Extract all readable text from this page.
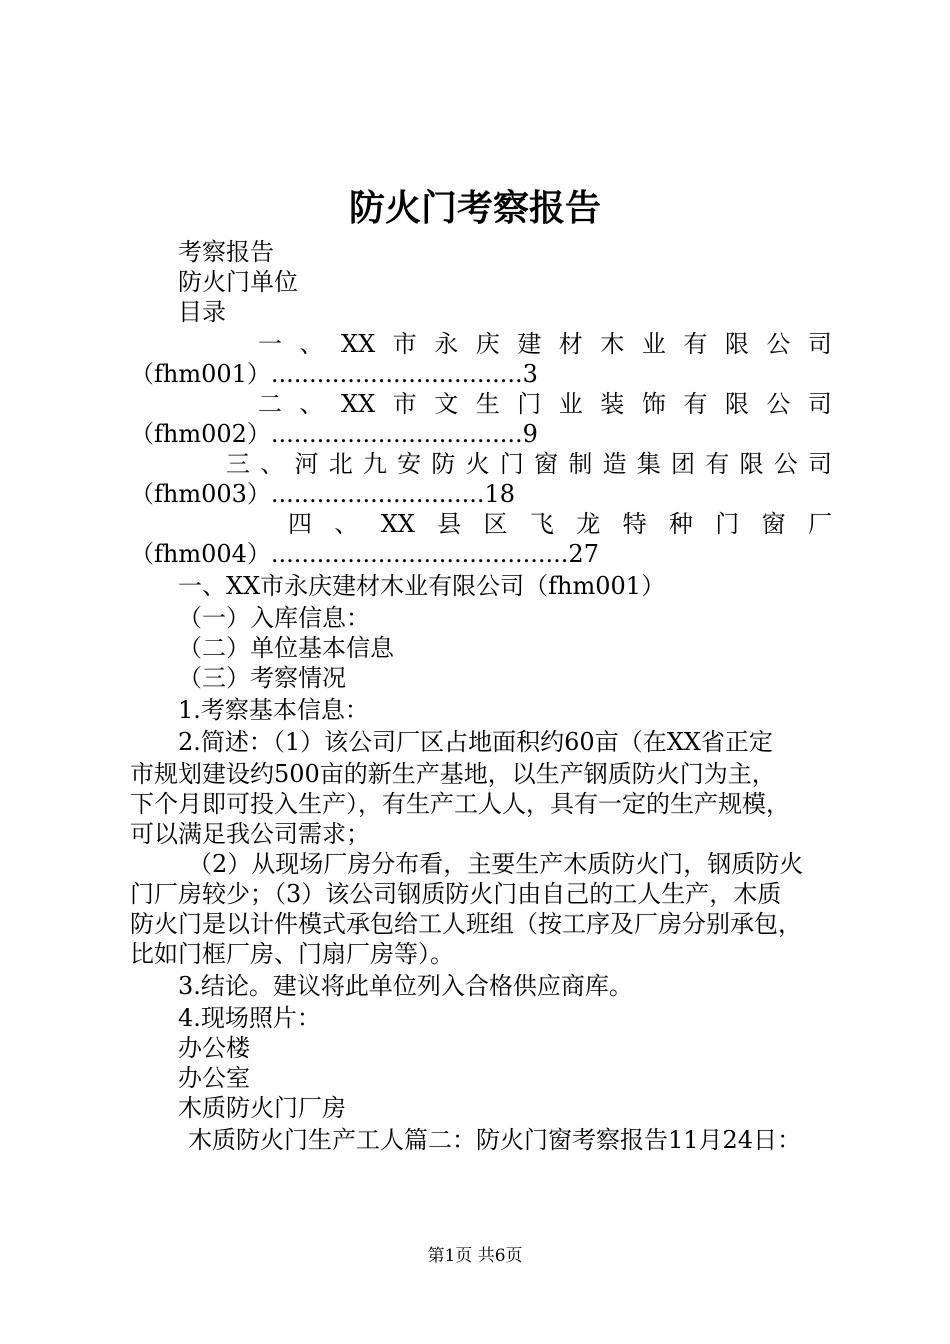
防火门考察报告
考察报告
防火门单位
目录
一 、 XX 市 永 庆 建 材 木 业 有 限 公 司
（fhm001）.................................3
二 、 XX 市 文 生 门 业 装 饰 有 限 公 司
（fhm002）.................................9
三 、 河 北 九 安 防 火 门 窗 制 造 集 团 有 限 公 司
（fhm003）............................18
四 、 XX 县 区 飞 龙 特 种 门 窗 厂
（fhm004）.......................................27
一、XX市永庆建材木业有限公司（fhm001）
（一）入库信息：
（二）单位基本信息
（三）考察情况
1.考察基本信息：
2.简述：（1）该公司厂区占地面积约60亩（在XX省正定
市规划建设约500亩的新生产基地，以生产钢质防火门为主，
下个月即可投入生产），有生产工人人，具有一定的生产规模，
可以满足我公司需求；
（2）从现场厂房分布看，主要生产木质防火门，钢质防火
门厂房较少；（3）该公司钢质防火门由自己的工人生产，木质
防火门是以计件模式承包给工人班组（按工序及厂房分别承包，
比如门框厂房、门扇厂房等）。
3.结论。建议将此单位列入合格供应商库。
4.现场照片：
办公楼
办公室
木质防火门厂房
木质防火门生产工人篇二：防火门窗考察报告11月24日：
第1页 共6页
